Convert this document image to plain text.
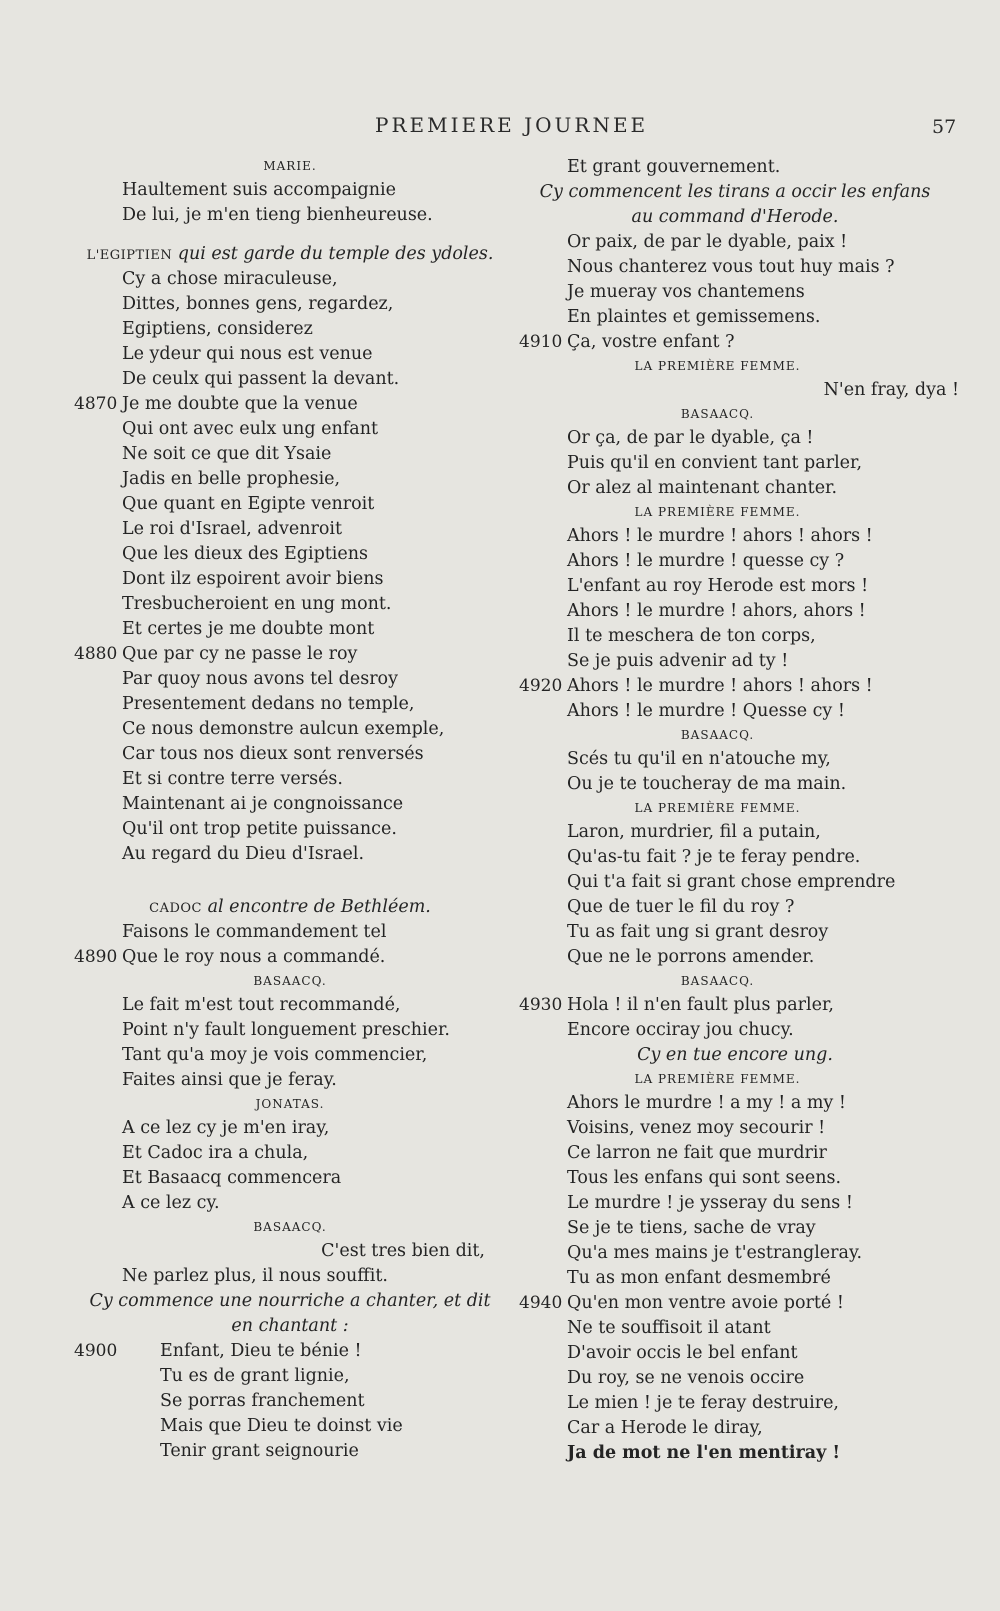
PREMIERE JOURNEE	57
MARIE.
Haultement suis accompaignie
De lui, je m'en tieng bienheureuse.
L'EGIPTIEN qui est garde du temple des ydoles.
Cy a chose miraculeuse,
Dittes, bonnes gens, regardez,
Egiptiens, considerez
Le ydeur qui nous est venue
De ceulx qui passent la devant.
4870 Je me doubte que la venue
Qui ont avec eulx ung enfant
Ne soit ce que dit Ysaie
Jadis en belle prophesie,
Que quant en Egipte venroit
Le roi d'Israel, advenroit
Que les dieux des Egiptiens
Dont ilz espoirent avoir biens
Tresbucheroient en ung mont.
Et certes je me doubte mont
4880 Que par cy ne passe le roy
Par quoy nous avons tel desroy
Presentement dedans no temple,
Ce nous demonstre aulcun exemple,
Car tous nos dieux sont renversés
Et si contre terre versés.
Maintenant ai je congnoissance
Qu'il ont trop petite puissance.
Au regard du Dieu d'Israel.
CADOC al encontre de Bethléem.
Faisons le commandement tel
4890 Que le roy nous a commandé.
BASAACQ.
Le fait m'est tout recommandé,
Point n'y fault longuement preschier.
Tant qu'a moy je vois commencier,
Faites ainsi que je feray.
JONATAS.
A ce lez cy je m'en iray,
Et Cadoc ira a chula,
Et Basaacq commencera
A ce lez cy.
BASAACQ.
C'est tres bien dit,
Ne parlez plus, il nous souffit.
Cy commence une nourriche a chanter, et dit
en chantant :
4900 Enfant, Dieu te bénie !
Tu es de grant lignie,
Se porras franchement
Mais que Dieu te doinst vie
Tenir grant seignourie
Et grant gouvernement.
Cy commencent les tirans a occir les enfans
au command d'Herode.
Or paix, de par le dyable, paix !
Nous chanterez vous tout huy mais ?
Je mueray vos chantemens
En plaintes et gemissemens.
4910 Ça, vostre enfant ?
LA PREMIÈRE FEMME.
N'en fray, dya !
BASAACQ.
Or ça, de par le dyable, ça !
Puis qu'il en convient tant parler,
Or alez al maintenant chanter.
LA PREMIÈRE FEMME.
Ahors ! le murdre ! ahors ! ahors !
Ahors ! le murdre ! quesse cy ?
L'enfant au roy Herode est mors !
Ahors ! le murdre ! ahors, ahors !
Il te meschera de ton corps,
Se je puis advenir ad ty !
4920 Ahors ! le murdre ! ahors ! ahors !
Ahors ! le murdre ! Quesse cy !
BASAACQ.
Scés tu qu'il en n'atouche my,
Ou je te toucheray de ma main.
LA PREMIÈRE FEMME.
Laron, murdrier, fil a putain,
Qu'as-tu fait ? je te feray pendre.
Qui t'a fait si grant chose emprendre
Que de tuer le fil du roy ?
Tu as fait ung si grant desroy
Que ne le porrons amender.
BASAACQ.
4930 Hola ! il n'en fault plus parler,
Encore occiray jou chucy.
Cy en tue encore ung.
LA PREMIÈRE FEMME.
Ahors le murdre ! a my ! a my !
Voisins, venez moy secourir !
Ce larron ne fait que murdrir
Tous les enfans qui sont seens.
Le murdre ! je ysseray du sens !
Se je te tiens, sache de vray
Qu'a mes mains je t'estrangleray.
Tu as mon enfant desmembré
4940 Qu'en mon ventre avoie porté !
Ne te souffisoit il atant
D'avoir occis le bel enfant
Du roy, se ne venois occire
Le mien ! je te feray destruire,
Car a Herode le diray,
Ja de mot ne l'en mentiray !
